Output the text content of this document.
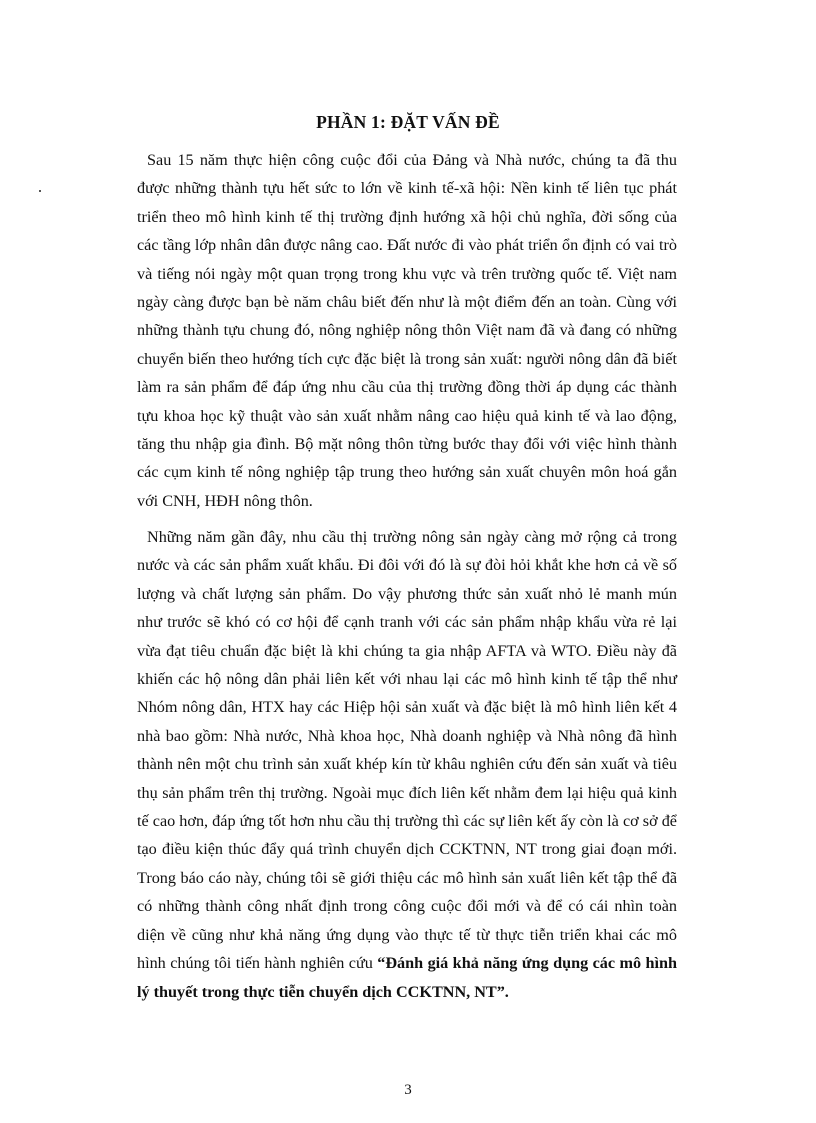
PHẦN 1: ĐẶT VẤN ĐỀ

Sau 15 năm thực hiện công cuộc đổi của Đảng và Nhà nước, chúng ta đã thu được những thành tựu hết sức to lớn về kinh tế-xã hội: Nền kinh tế liên tục phát triển theo mô hình kinh tế thị trường định hướng xã hội chủ nghĩa, đời sống của các tầng lớp nhân dân được nâng cao. Đất nước đi vào phát triển ổn định có vai trò và tiếng nói ngày một quan trọng trong khu vực và trên trường quốc tế. Việt nam ngày càng được bạn bè năm châu biết đến như là một điểm đến an toàn. Cùng với những thành tựu chung đó, nông nghiệp nông thôn Việt nam đã và đang có những chuyển biến theo hướng tích cực đặc biệt là trong sản xuất: người nông dân đã biết làm ra sản phẩm để đáp ứng nhu cầu của thị trường đồng thời áp dụng các thành tựu khoa học kỹ thuật vào sản xuất nhằm nâng cao hiệu quả kinh tế và lao động, tăng thu nhập gia đình. Bộ mặt nông thôn từng bước thay đổi với việc hình thành các cụm kinh tế nông nghiệp tập trung theo hướng sản xuất chuyên môn hoá gắn với CNH, HĐH nông thôn.

Những năm gần đây, nhu cầu thị trường nông sản ngày càng mở rộng cả trong nước và các sản phẩm xuất khẩu. Đi đôi với đó là sự đòi hỏi khắt khe hơn cả về số lượng và chất lượng sản phẩm. Do vậy phương thức sản xuất nhỏ lẻ manh mún như trước sẽ khó có cơ hội để cạnh tranh với các sản phẩm nhập khẩu vừa rẻ lại vừa đạt tiêu chuẩn đặc biệt là khi chúng ta gia nhập AFTA và WTO. Điều này đã khiến các hộ nông dân phải liên kết với nhau lại các mô hình kinh tế tập thể như Nhóm nông dân, HTX hay các Hiệp hội sản xuất và đặc biệt là mô hình liên kết 4 nhà bao gồm: Nhà nước, Nhà khoa học, Nhà doanh nghiệp và Nhà nông đã hình thành nên một chu trình sản xuất khép kín từ khâu nghiên cứu đến sản xuất và tiêu thụ sản phẩm trên thị trường. Ngoài mục đích liên kết nhằm đem lại hiệu quả kinh tế cao hơn, đáp ứng tốt hơn nhu cầu thị trường thì các sự liên kết ấy còn là cơ sở để tạo điều kiện thúc đẩy quá trình chuyển dịch CCKTNN, NT trong giai đoạn mới. Trong báo cáo này, chúng tôi sẽ giới thiệu các mô hình sản xuất liên kết tập thể đã có những thành công nhất định trong công cuộc đổi mới và để có cái nhìn toàn diện về cũng như khả năng ứng dụng vào thực tế từ thực tiễn triển khai các mô hình chúng tôi tiến hành nghiên cứu “Đánh giá khả năng ứng dụng các mô hình lý thuyết trong thực tiễn chuyển dịch CCKTNN, NT”.

3
